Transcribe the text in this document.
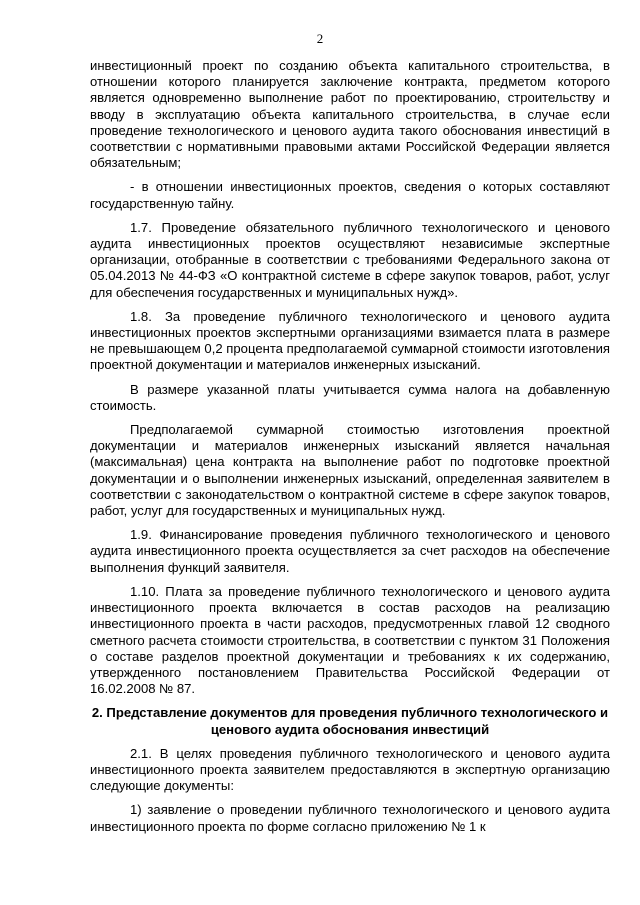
2

инвестиционный проект по созданию объекта капитального строительства, в отношении которого планируется заключение контракта, предметом которого является одновременно выполнение работ по проектированию, строительству и вводу в эксплуатацию объекта капитального строительства, в случае если проведение технологического и ценового аудита такого обоснования инвестиций в соответствии с нормативными правовыми актами Российской Федерации является обязательным;

- в отношении инвестиционных проектов, сведения о которых составляют государственную тайну.

1.7. Проведение обязательного публичного технологического и ценового аудита инвестиционных проектов осуществляют независимые экспертные организации, отобранные в соответствии с требованиями Федерального закона от 05.04.2013 № 44-ФЗ «О контрактной системе в сфере закупок товаров, работ, услуг для обеспечения государственных и муниципальных нужд».

1.8. За проведение публичного технологического и ценового аудита инвестиционных проектов экспертными организациями взимается плата в размере не превышающем 0,2 процента предполагаемой суммарной стоимости изготовления проектной документации и материалов инженерных изысканий.

В размере указанной платы учитывается сумма налога на добавленную стоимость.

Предполагаемой суммарной стоимостью изготовления проектной документации и материалов инженерных изысканий является начальная (максимальная) цена контракта на выполнение работ по подготовке проектной документации и о выполнении инженерных изысканий, определенная заявителем в соответствии с законодательством о контрактной системе в сфере закупок товаров, работ, услуг для государственных и муниципальных нужд.

1.9. Финансирование проведения публичного технологического и ценового аудита инвестиционного проекта осуществляется за счет расходов на обеспечение выполнения функций заявителя.

1.10. Плата за проведение публичного технологического и ценового аудита инвестиционного проекта включается в состав расходов на реализацию инвестиционного проекта в части расходов, предусмотренных главой 12 сводного сметного расчета стоимости строительства, в соответствии с пунктом 31 Положения о составе разделов проектной документации и требованиях к их содержанию, утвержденного постановлением Правительства Российской Федерации от 16.02.2008 № 87.

2. Представление документов для проведения публичного технологического и ценового аудита обоснования инвестиций

2.1. В целях проведения публичного технологического и ценового аудита инвестиционного проекта заявителем предоставляются в экспертную организацию следующие документы:

1) заявление о проведении публичного технологического и ценового аудита инвестиционного проекта по форме согласно приложению № 1 к
